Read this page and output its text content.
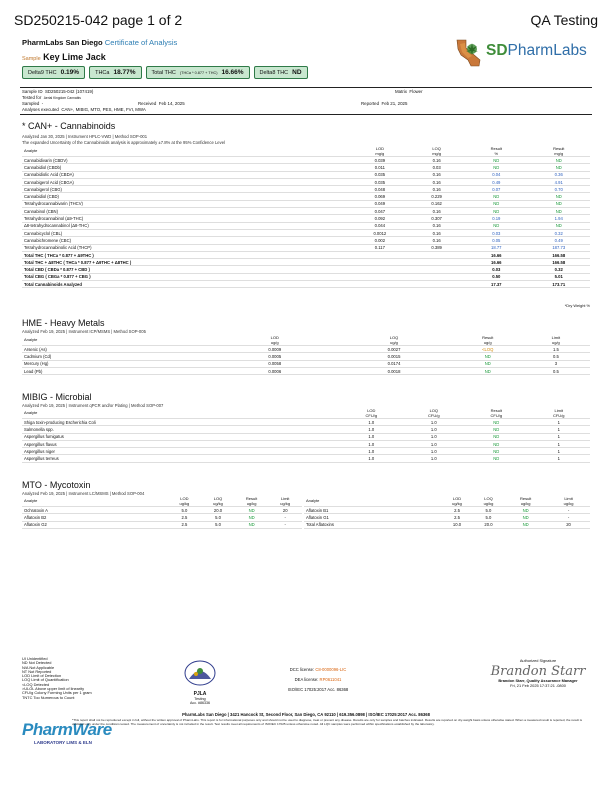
SD250215-042 page 1 of 2	QA Testing
PharmLabs San Diego Certificate of Analysis
Sample Key Lime Jack	SDPharmLabs
Delta9 THC 0.19%	THCa 18.77%	Total THC (THCa * 0.877 + THC) 16.66%	Delta8 THC ND
Sample ID SD250215-042 (107419)	Matrix Flower
Tested for Aerial Kingdom Cannabis
Sampled -	Received Feb 14, 2025	Reported Feb 21, 2025
Analyses executed CAN+, MIBIG, MTO, PES, HME, FVI, MWA
* CAN+ - Cannabinoids
Analyzed Jan 30, 2025 | Instrument HPLC-VWD | Method SOP-001
The expanded Uncertainty of the Cannabinoids analysis is approximately ±7.8% at the 95% Confidence Level
Analyte	LOD
mg/g	LOQ
mg/g	Result
%	Result
mg/g
Cannabidivarin (CBDV)	0.039	0.16	ND	ND
Cannabidiol (CBDb)	0.011	0.03	ND	ND
Cannabidiolic Acid (CBDA)	0.035	0.16	0.04	0.36
Cannabigerol Acid (CBGA)	0.035	0.16	0.49	4.91
Cannabigerol (CBG)	0.048	0.16	0.07	0.70
Cannabidiol (CBD)	0.069	0.229	ND	ND
Tetrahydrocannabivarin (THCV)	0.049	0.162	ND	ND
Cannabinol (CBN)	0.047	0.16	ND	ND
Tetrahydrocannabinol (Δ9-THC)	0.092	0.307	0.19	1.94
Δ8-tetrahydrocannabinol (Δ8-THC)	0.044	0.16	ND	ND
Cannabicyclol (CBL)	0.0012	0.16	0.03	0.32
Cannabichromene (CBC)	0.002	0.16	0.05	0.49
Tetrahydrocannabinolic Acid (THCP)	0.117	0.389	18.77	187.73
Total THC ( THCa * 0.877 + Δ9THC )			16.66	166.58
Total THC + Δ8THC ( THCa * 0.877 + Δ9THC + Δ8THC )			16.66	166.58
Total CBD ( CBDa * 0.877 + CBD )			0.03	0.32
Total CBG ( CBGa * 0.877 + CBG )			0.50	5.01
Total Cannabinoids Analyzed			17.37	173.71
*Dry Weight %
HME - Heavy Metals
Analyzed Feb 19, 2025 | Instrument ICP/MSMS | Method SOP-005
Analyte	LOD
ug/g	LOQ
ug/g	Result
ug/g	Limit
ug/g
Arsenic (As)	0.0009	0.0027	<LOQ	1.5
Cadmium (Cd)	0.0005	0.0015	ND	0.5
Mercury (Hg)	0.0058	0.0174	ND	3
Lead (Pb)	0.0006	0.0018	ND	0.5
MIBIG - Microbial
Analyzed Feb 19, 2025 | Instrument qPCR and/or Plating | Method SOP-007
Analyte	LOD
CFU/g	LOQ
CFU/g	Result
CFU/g	Limit
CFU/g
Shiga toxin-producing Escherichia Coli	1.0	1.0	ND	1
Salmonella spp.	1.0	1.0	ND	1
Aspergillus fumigatus	1.0	1.0	ND	1
Aspergillus flavus	1.0	1.0	ND	1
Aspergillus niger	1.0	1.0	ND	1
Aspergillus terreus	1.0	1.0	ND	1
MTO - Mycotoxin
Analyzed Feb 19, 2025 | Instrument LC/MSMS | Method SOP-004
Analyte	LOD
ug/kg	LOQ
ug/kg	Result
ug/kg	Limit
ug/kg
Ochratoxin A	5.0	20.0	ND	20
Aflatoxin B2	2.5	5.0	ND	-
Aflatoxin G2	2.5	5.0	ND	-
Analyte	LOD
ug/kg	LOQ
ug/kg	Result
ug/kg	Limit
ug/kg
Aflatoxin B1	2.5	5.0	ND	-
Aflatoxin G1	2.5	5.0	ND	-
Total Aflatoxins	10.0	20.0	ND	20
UI Unidentified
ND Not Detected
N/A Not Applicable
NT Not Reported
LOD Limit of Detection
LOQ Limit of Quantification
<LOQ Detected
>ULOL Above upper limit of linearity
CFU/g Colony Forming Units per 1 gram
TNTC Too Numerous to Count
PharmWare
LABORATORY LIMS & ELN
PJLA
Testing
Acc. #86336
DCC license: C8-0000096-LIC
DEA license: RP0611041
ISO/IEC 17025:2017 Acc. 86368
Authorized Signature
Brandon Starr
Brandon Starr, Quality Assurance Manager
Fri, 21 Feb 2025 17:37:21 -0800
PharmLabs San Diego | 3421 Hancock St, Second Floor, San Diego, CA 92110 | 619.356.0898 | ISO/IEC 17025:2017 Acc. 86368
*This report shall not be reproduced except in full, without the written approval of PharmLabs. This report is for informational purposes only and should not be used to diagnose, treat or prevent any disease. Results are only for samples and batches indicated. Results are reported on dry-weight basis unless otherwise stated. When a measured result is reported, the result is validated only under the conditions tested. The measurement of uncertainty is not included in the result. Test results meet all requirements of ISO/IEC 17025 unless otherwise noted. All LQC samples were performed within specifications established by the laboratory.
